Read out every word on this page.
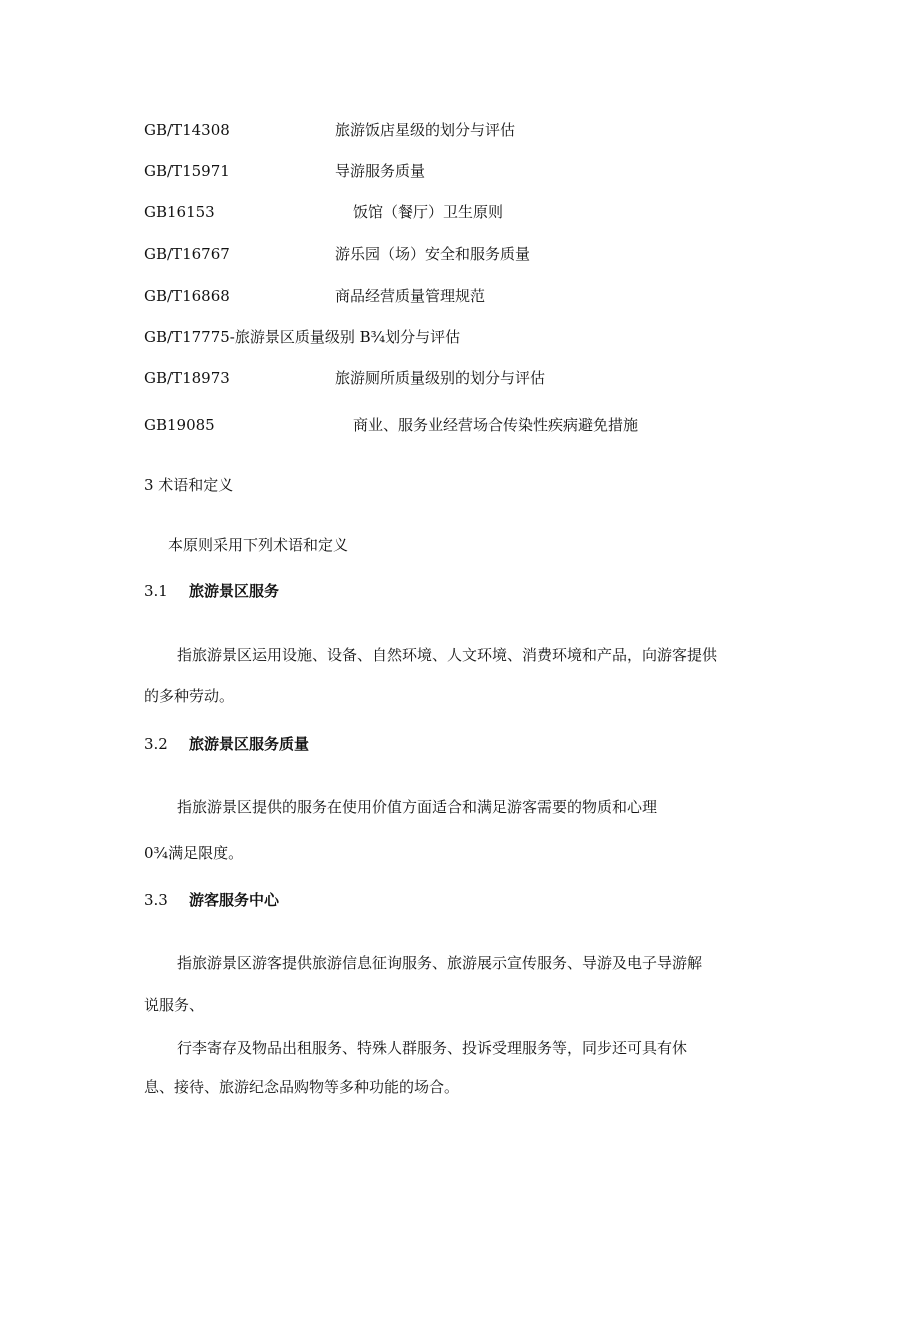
GB/T14308	旅游饭店星级的划分与评估
GB/T15971	导游服务质量
GB16153	饭馆（餐厅）卫生原则
GB/T16767	游乐园（场）安全和服务质量
GB/T16868	商品经营质量管理规范
GB/T17775-旅游景区质量级别 B¾划分与评估
GB/T18973	旅游厕所质量级别的划分与评估
GB19085	商业、服务业经营场合传染性疾病避免措施
3 术语和定义
本原则采用下列术语和定义
3.1 旅游景区服务
指旅游景区运用设施、设备、自然环境、人文环境、消费环境和产品，向游客提供
的多种劳动。
3.2 旅游景区服务质量
指旅游景区提供的服务在使用价值方面适合和满足游客需要的物质和心理
0¾满足限度。
3.3 游客服务中心
指旅游景区游客提供旅游信息征询服务、旅游展示宣传服务、导游及电子导游解
说服务、
行李寄存及物品出租服务、特殊人群服务、投诉受理服务等，同步还可具有休
息、接待、旅游纪念品购物等多种功能的场合。
